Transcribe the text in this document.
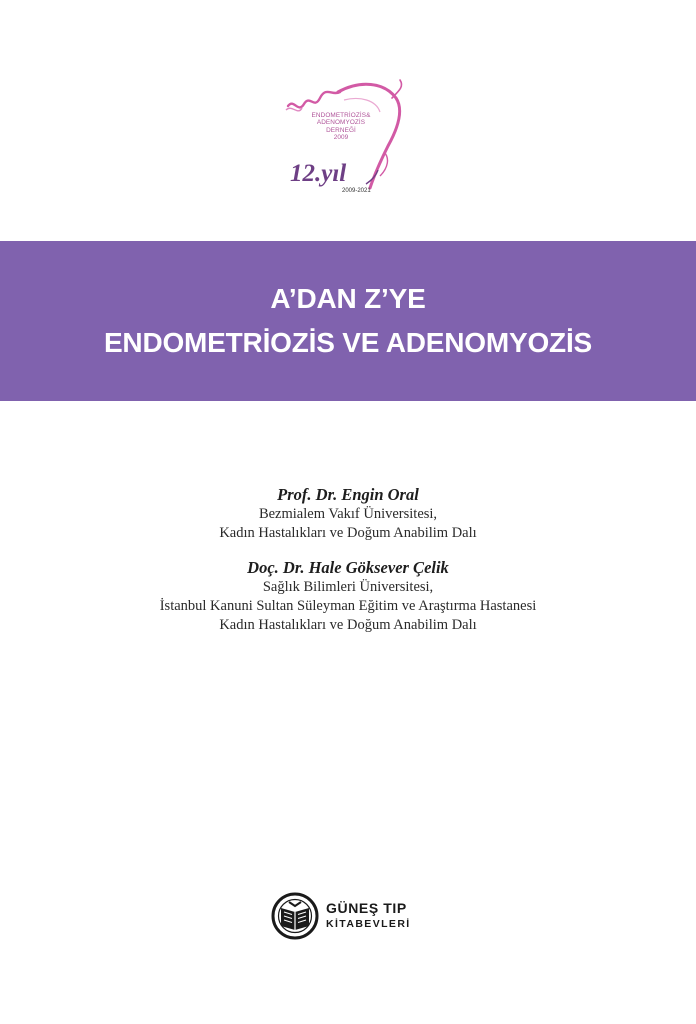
ENDOMETRİOZİS&
ADENOMYOZİS
DERNEĞİ
2009
12.yıl
2009-2021
A’DAN Z’YE
ENDOMETRİOZİS VE ADENOMYOZİS
Prof. Dr. Engin Oral
Bezmialem Vakıf Üniversitesi,
Kadın Hastalıkları ve Doğum Anabilim Dalı
Doç. Dr. Hale Göksever Çelik
Sağlık Bilimleri Üniversitesi,
İstanbul Kanuni Sultan Süleyman Eğitim ve Araştırma Hastanesi
Kadın Hastalıkları ve Doğum Anabilim Dalı
GÜNEŞ TIP
KİTABEVLERİ
